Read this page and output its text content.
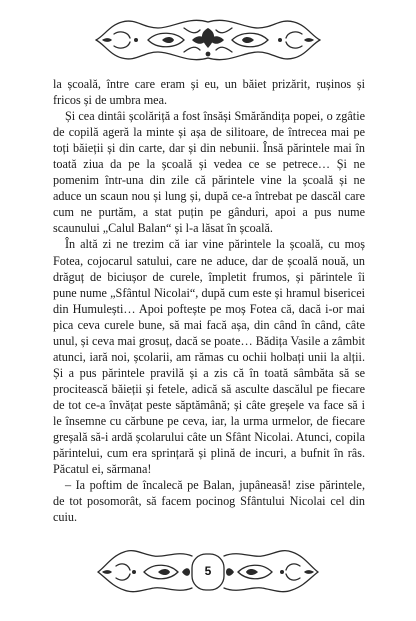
la școală, între care eram și eu, un băiet prizărit, rușinos și fricos și de umbra mea.

Și cea dintâi școlăriță a fost însăși Smărăndița popei, o zgâtie de copilă ageră la minte și așa de silitoare, de întrecea mai pe toți băieții și din carte, dar și din nebunii. Însă părintele mai în toată ziua da pe la școală și vedea ce se petrece… Și ne pomenim într-una din zile că părintele vine la școală și ne aduce un scaun nou și lung și, după ce-a întrebat pe dascăl care cum ne purtăm, a stat puțin pe gânduri, apoi a pus nume scaunului „Calul Balan“ și l-a lăsat în școală.

În altă zi ne trezim că iar vine părintele la școală, cu moș Fotea, cojocarul satului, care ne aduce, dar de școală nouă, un drăguț de biciușor de curele, împletit frumos, și părintele îi pune nume „Sfântul Nicolai“, după cum este și hramul bisericei din Humulești… Apoi poftește pe moș Fotea că, dacă i-or mai pica ceva curele bune, să mai facă așa, din când în când, câte unul, și ceva mai grosuț, dacă se poate… Bădița Vasile a zâmbit atunci, iară noi, școlarii, am rămas cu ochii holbați unii la alții. Și a pus părintele pravilă și a zis că în toată sâmbăta să se procitească băieții și fetele, adică să asculte dascălul pe fiecare de tot ce-a învățat peste săptămână; și câte greșele va face să i le însemne cu cărbune pe ceva, iar, la urma urmelor, de fiecare greșală să-i ardă școlarului câte un Sfânt Nicolai. Atunci, copila părintelui, cum era sprințară și plină de incuri, a bufnit în râs. Păcatul ei, sărmana!

– Ia poftim de încalecă pe Balan, jupâneasă! zise părintele, de tot posomorât, să facem pocinog Sfântului Nicolai cel din cuiu.

5
